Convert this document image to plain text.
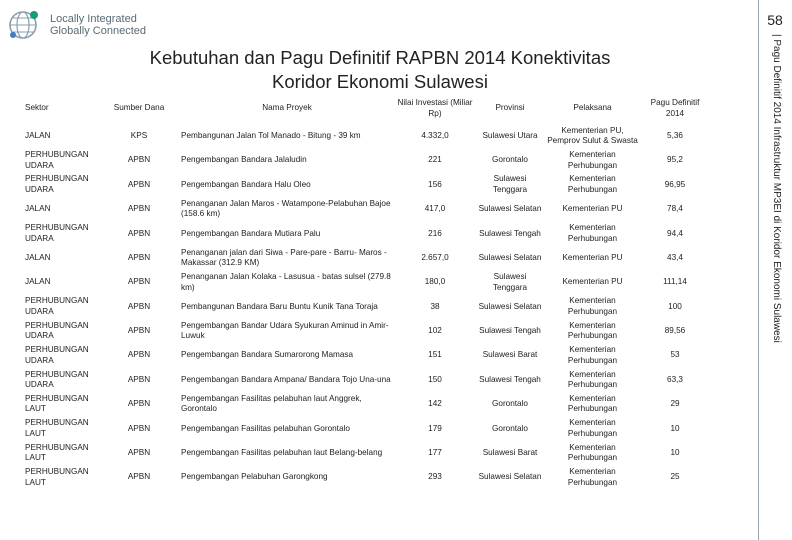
Locally Integrated
Globally Connected
58
| Pagu Definitif 2014 Infrastruktur MP3EI di Koridor Ekonomi Sulawesi
Kebutuhan dan Pagu Definitif RAPBN 2014 Konektivitas
Koridor Ekonomi Sulawesi
Sektor	Sumber Dana	Nama Proyek	Nilai Investasi (Miliar Rp)	Provinsi	Pelaksana	Pagu Definitif 2014
JALAN	KPS	Pembangunan Jalan Tol Manado - Bitung - 39 km	4.332,0	Sulawesi Utara	Kementerian PU, Pemprov Sulut & Swasta	5,36
PERHUBUNGAN UDARA	APBN	Pengembangan Bandara Jalaludin	221	Gorontalo	Kementerian Perhubungan	95,2
PERHUBUNGAN UDARA	APBN	Pengembangan Bandara Halu Oleo	156	Sulawesi Tenggara	Kementerian Perhubungan	96,95
JALAN	APBN	Penanganan Jalan Maros - Watampone-Pelabuhan Bajoe (158.6 km)	417,0	Sulawesi Selatan	Kementerian PU	78,4
PERHUBUNGAN UDARA	APBN	Pengembangan Bandara Mutiara Palu	216	Sulawesi Tengah	Kementerian Perhubungan	94,4
JALAN	APBN	Penanganan jalan dari Siwa - Pare-pare - Barru- Maros - Makassar (312.9 KM)	2.657,0	Sulawesi Selatan	Kementerian PU	43,4
JALAN	APBN	Penanganan Jalan Kolaka - Lasusua - batas sulsel (279.8 km)	180,0	Sulawesi Tenggara	Kementerian PU	111,14
PERHUBUNGAN UDARA	APBN	Pembangunan Bandara Baru Buntu Kunik Tana Toraja	38	Sulawesi Selatan	Kementerian Perhubungan	100
PERHUBUNGAN UDARA	APBN	Pengembangan Bandar Udara Syukuran Aminud in Amir-Luwuk	102	Sulawesi Tengah	Kementerian Perhubungan	89,56
PERHUBUNGAN UDARA	APBN	Pengembangan Bandara Sumarorong Mamasa	151	Sulawesi Barat	Kementerian Perhubungan	53
PERHUBUNGAN UDARA	APBN	Pengembangan Bandara Ampana/ Bandara Tojo Una-una	150	Sulawesi Tengah	Kementerian Perhubungan	63,3
PERHUBUNGAN LAUT	APBN	Pengembangan Fasilitas pelabuhan laut Anggrek, Gorontalo	142	Gorontalo	Kementerian Perhubungan	29
PERHUBUNGAN LAUT	APBN	Pengembangan Fasilitas pelabuhan Gorontalo	179	Gorontalo	Kementerian Perhubungan	10
PERHUBUNGAN LAUT	APBN	Pengembangan Fasilitas pelabuhan laut Belang-belang	177	Sulawesi Barat	Kementerian Perhubungan	10
PERHUBUNGAN LAUT	APBN	Pengembangan Pelabuhan Garongkong	293	Sulawesi Selatan	Kementerian Perhubungan	25
